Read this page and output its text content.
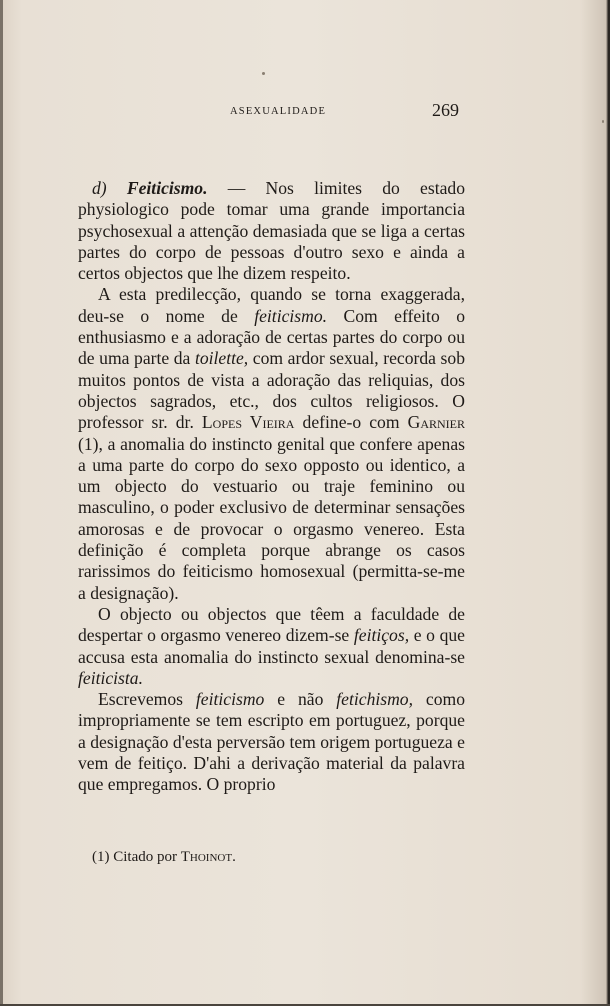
ASEXUALIDADE	269

d) Feiticismo. — Nos limites do estado physiologico pode tomar uma grande importancia psychosexual a attenção demasiada que se liga a certas partes do corpo de pessoas d'outro sexo e ainda a certos objectos que lhe dizem respeito.

A esta predilecção, quando se torna exaggerada, deu-se o nome de feiticismo. Com effeito o enthusiasmo e a adoração de certas partes do corpo ou de uma parte da toilette, com ardor sexual, recorda sob muitos pontos de vista a adoração das reliquias, dos objectos sagrados, etc., dos cultos religiosos. O professor sr. dr. Lopes Vieira define-o com Garnier (1), a anomalia do instincto genital que confere apenas a uma parte do corpo do sexo opposto ou identico, a um objecto do vestuario ou traje feminino ou masculino, o poder exclusivo de determinar sensações amorosas e de provocar o orgasmo venereo. Esta definição é completa porque abrange os casos rarissimos do feiticismo homosexual (permitta-se-me a designação).

O objecto ou objectos que têem a faculdade de despertar o orgasmo venereo dizem-se feitiços, e o que accusa esta anomalia do instincto sexual denomina-se feiticista.

Escrevemos feiticismo e não fetichismo, como impropriamente se tem escripto em portuguez, porque a designação d'esta perversão tem origem portugueza e vem de feitiço. D'ahi a derivação material da palavra que empregamos. O proprio

(1) Citado por Thoinot.
